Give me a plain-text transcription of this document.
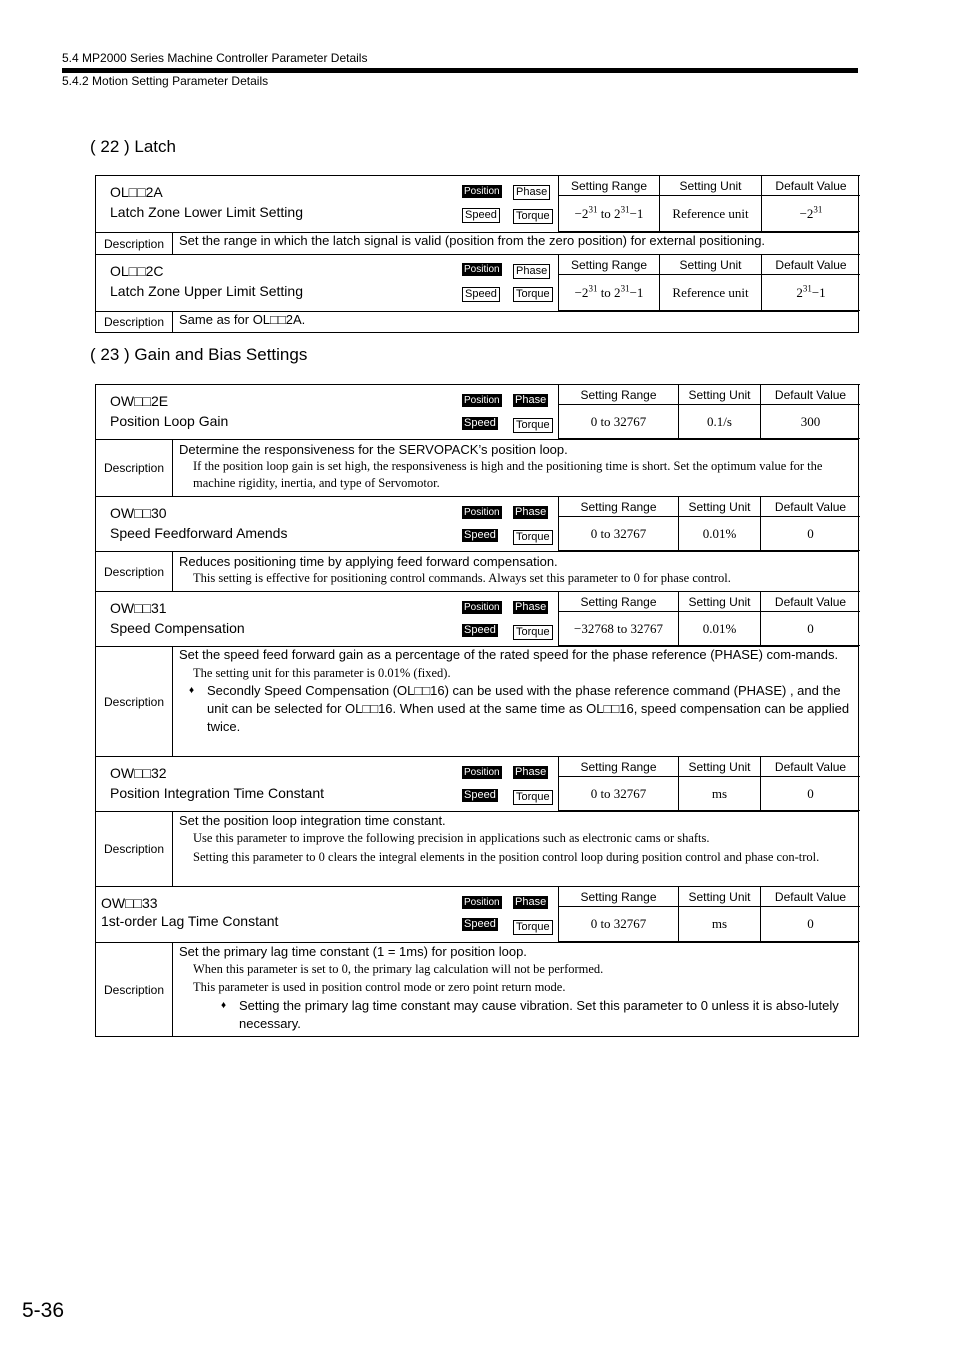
5.4 MP2000 Series Machine Controller Parameter Details
5.4.2 Motion Setting Parameter Details
( 22 ) Latch
OL□□2A
Latch Zone Lower Limit Setting
Position Phase
Speed Torque
Setting Range	Setting Unit	Default Value
$-2^{31}$ to $2^{31}-1$	Reference unit	$-2^{31}$
Description	Set the range in which the latch signal is valid (position from the zero position) for external positioning.
OL□□2C
Latch Zone Upper Limit Setting
Position Phase
Speed Torque
Setting Range	Setting Unit	Default Value
$-2^{31}$ to $2^{31}-1$	Reference unit	$2^{31}-1$
Description	Same as for OL□□2A.
( 23 ) Gain and Bias Settings
OW□□2E
Position Loop Gain
Position Phase
Speed Torque
Setting Range	Setting Unit	Default Value
0 to 32767	0.1/s	300
Description
Determine the responsiveness for the SERVOPACK’s position loop.
If the position loop gain is set high, the responsiveness is high and the positioning time is short. Set the optimum value for the machine rigidity, inertia, and type of Servomotor.
OW□□30
Speed Feedforward Amends
Position Phase
Speed Torque
Setting Range	Setting Unit	Default Value
0 to 32767	0.01%	0
Description
Reduces positioning time by applying feed forward compensation.
This setting is effective for positioning control commands. Always set this parameter to 0 for phase control.
OW□□31
Speed Compensation
Position Phase
Speed Torque
Setting Range	Setting Unit	Default Value
−32768 to 32767	0.01%	0
Description
Set the speed feed forward gain as a percentage of the rated speed for the phase reference (PHASE) com-mands.
The setting unit for this parameter is 0.01% (fixed).
♦ Secondly Speed Compensation (OL□□16) can be used with the phase reference command (PHASE) , and the unit can be selected for OL□□16. When used at the same time as OL□□16, speed compensation can be applied twice.
OW□□32
Position Integration Time Constant
Position Phase
Speed Torque
Setting Range	Setting Unit	Default Value
0 to 32767	ms	0
Description
Set the position loop integration time constant.
Use this parameter to improve the following precision in applications such as electronic cams or shafts.
Setting this parameter to 0 clears the integral elements in the position control loop during position control and phase con-trol.
OW□□33
1st-order Lag Time Constant
Position Phase
Speed Torque
Setting Range	Setting Unit	Default Value
0 to 32767	ms	0
Description
Set the primary lag time constant (1 = 1ms) for position loop.
When this parameter is set to 0, the primary lag calculation will not be performed.
This parameter is used in position control mode or zero point return mode.
♦ Setting the primary lag time constant may cause vibration. Set this parameter to 0 unless it is abso-lutely necessary.
5-36
